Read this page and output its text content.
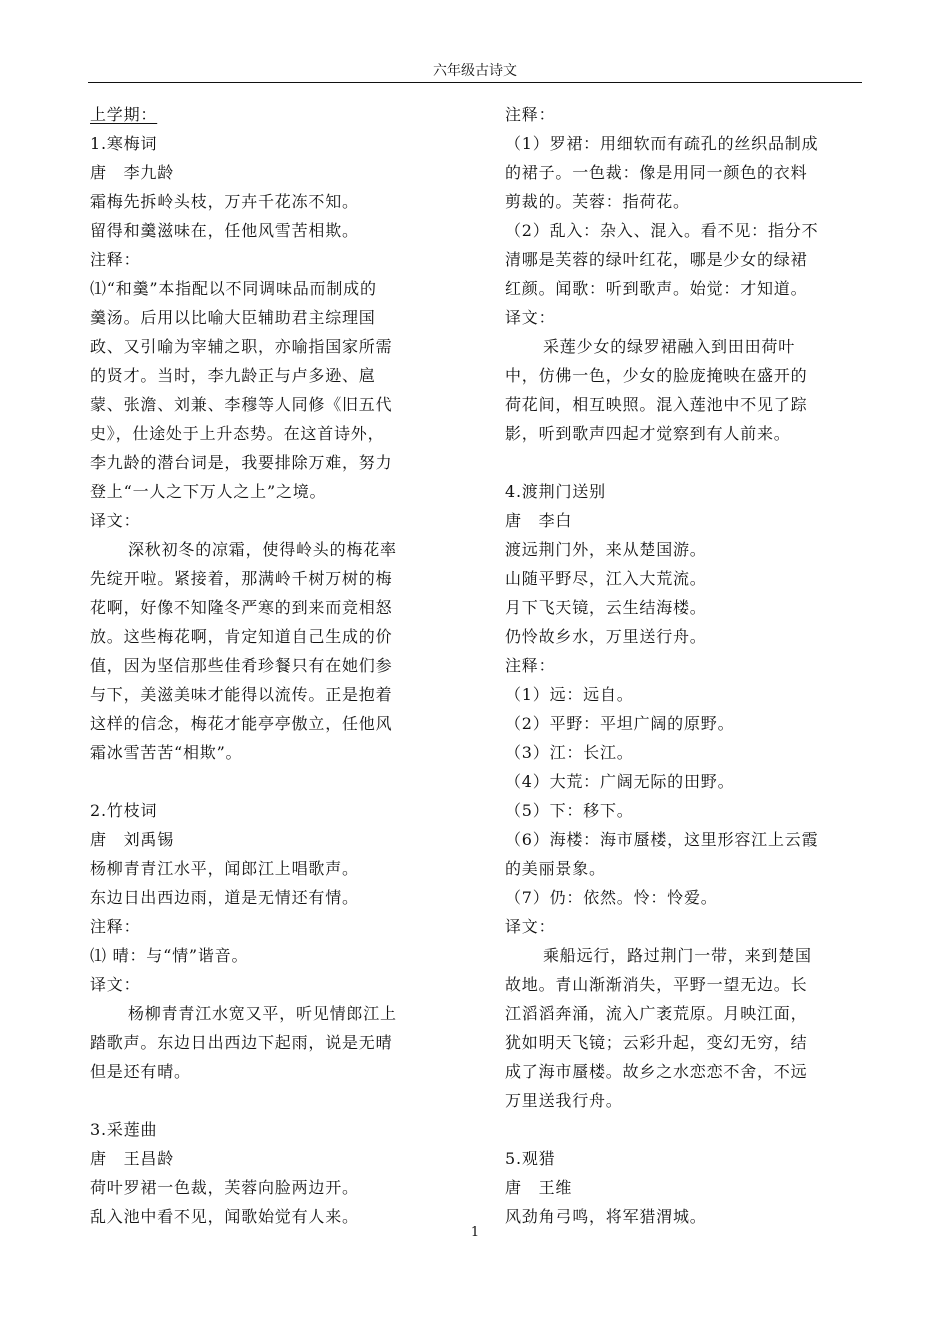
六年级古诗文
上学期：
1.寒梅词
唐　李九龄
霜梅先拆岭头枝，万卉千花冻不知。
留得和羹滋味在，任他风雪苦相欺。
注释：
⑴“和羹”本指配以不同调味品而制成的
羹汤。后用以比喻大臣辅助君主综理国
政、又引喻为宰辅之职，亦喻指国家所需
的贤才。当时，李九龄正与卢多逊、扈
蒙、张澹、刘兼、李穆等人同修《旧五代
史》，仕途处于上升态势。在这首诗外，
李九龄的潜台词是，我要排除万难，努力
登上“一人之下万人之上”之境。
译文：
深秋初冬的凉霜，使得岭头的梅花率
先绽开啦。紧接着，那满岭千树万树的梅
花啊，好像不知隆冬严寒的到来而竞相怒
放。这些梅花啊，肯定知道自己生成的价
值，因为坚信那些佳肴珍餐只有在她们参
与下，美滋美味才能得以流传。正是抱着
这样的信念，梅花才能亭亭傲立，任他风
霜冰雪苦苦“相欺”。
2.竹枝词
唐　刘禹锡
杨柳青青江水平，闻郎江上唱歌声。
东边日出西边雨，道是无情还有情。
注释：
⑴ 晴：与“情”谐音。
译文：
杨柳青青江水宽又平，听见情郎江上
踏歌声。东边日出西边下起雨，说是无晴
但是还有晴。
3.采莲曲
唐　王昌龄
荷叶罗裙一色裁，芙蓉向脸两边开。
乱入池中看不见，闻歌始觉有人来。
注释：
（1）罗裙：用细软而有疏孔的丝织品制成
的裙子。一色裁：像是用同一颜色的衣料
剪裁的。芙蓉：指荷花。
（2）乱入：杂入、混入。看不见：指分不
清哪是芙蓉的绿叶红花，哪是少女的绿裙
红颜。闻歌：听到歌声。始觉：才知道。
译文：
采莲少女的绿罗裙融入到田田荷叶
中，仿佛一色，少女的脸庞掩映在盛开的
荷花间，相互映照。混入莲池中不见了踪
影，听到歌声四起才觉察到有人前来。
4.渡荆门送别
唐　李白
渡远荆门外，来从楚国游。
山随平野尽，江入大荒流。
月下飞天镜，云生结海楼。
仍怜故乡水，万里送行舟。
注释：
（1）远：远自。
（2）平野：平坦广阔的原野。
（3）江：长江。
（4）大荒：广阔无际的田野。
（5）下：移下。
（6）海楼：海市蜃楼，这里形容江上云霞
的美丽景象。
（7）仍：依然。怜：怜爱。
译文：
乘船远行，路过荆门一带，来到楚国
故地。青山渐渐消失，平野一望无边。长
江滔滔奔涌，流入广袤荒原。月映江面，
犹如明天飞镜；云彩升起，变幻无穷，结
成了海市蜃楼。故乡之水恋恋不舍，不远
万里送我行舟。
5.观猎
唐　王维
风劲角弓鸣，将军猎渭城。
1
